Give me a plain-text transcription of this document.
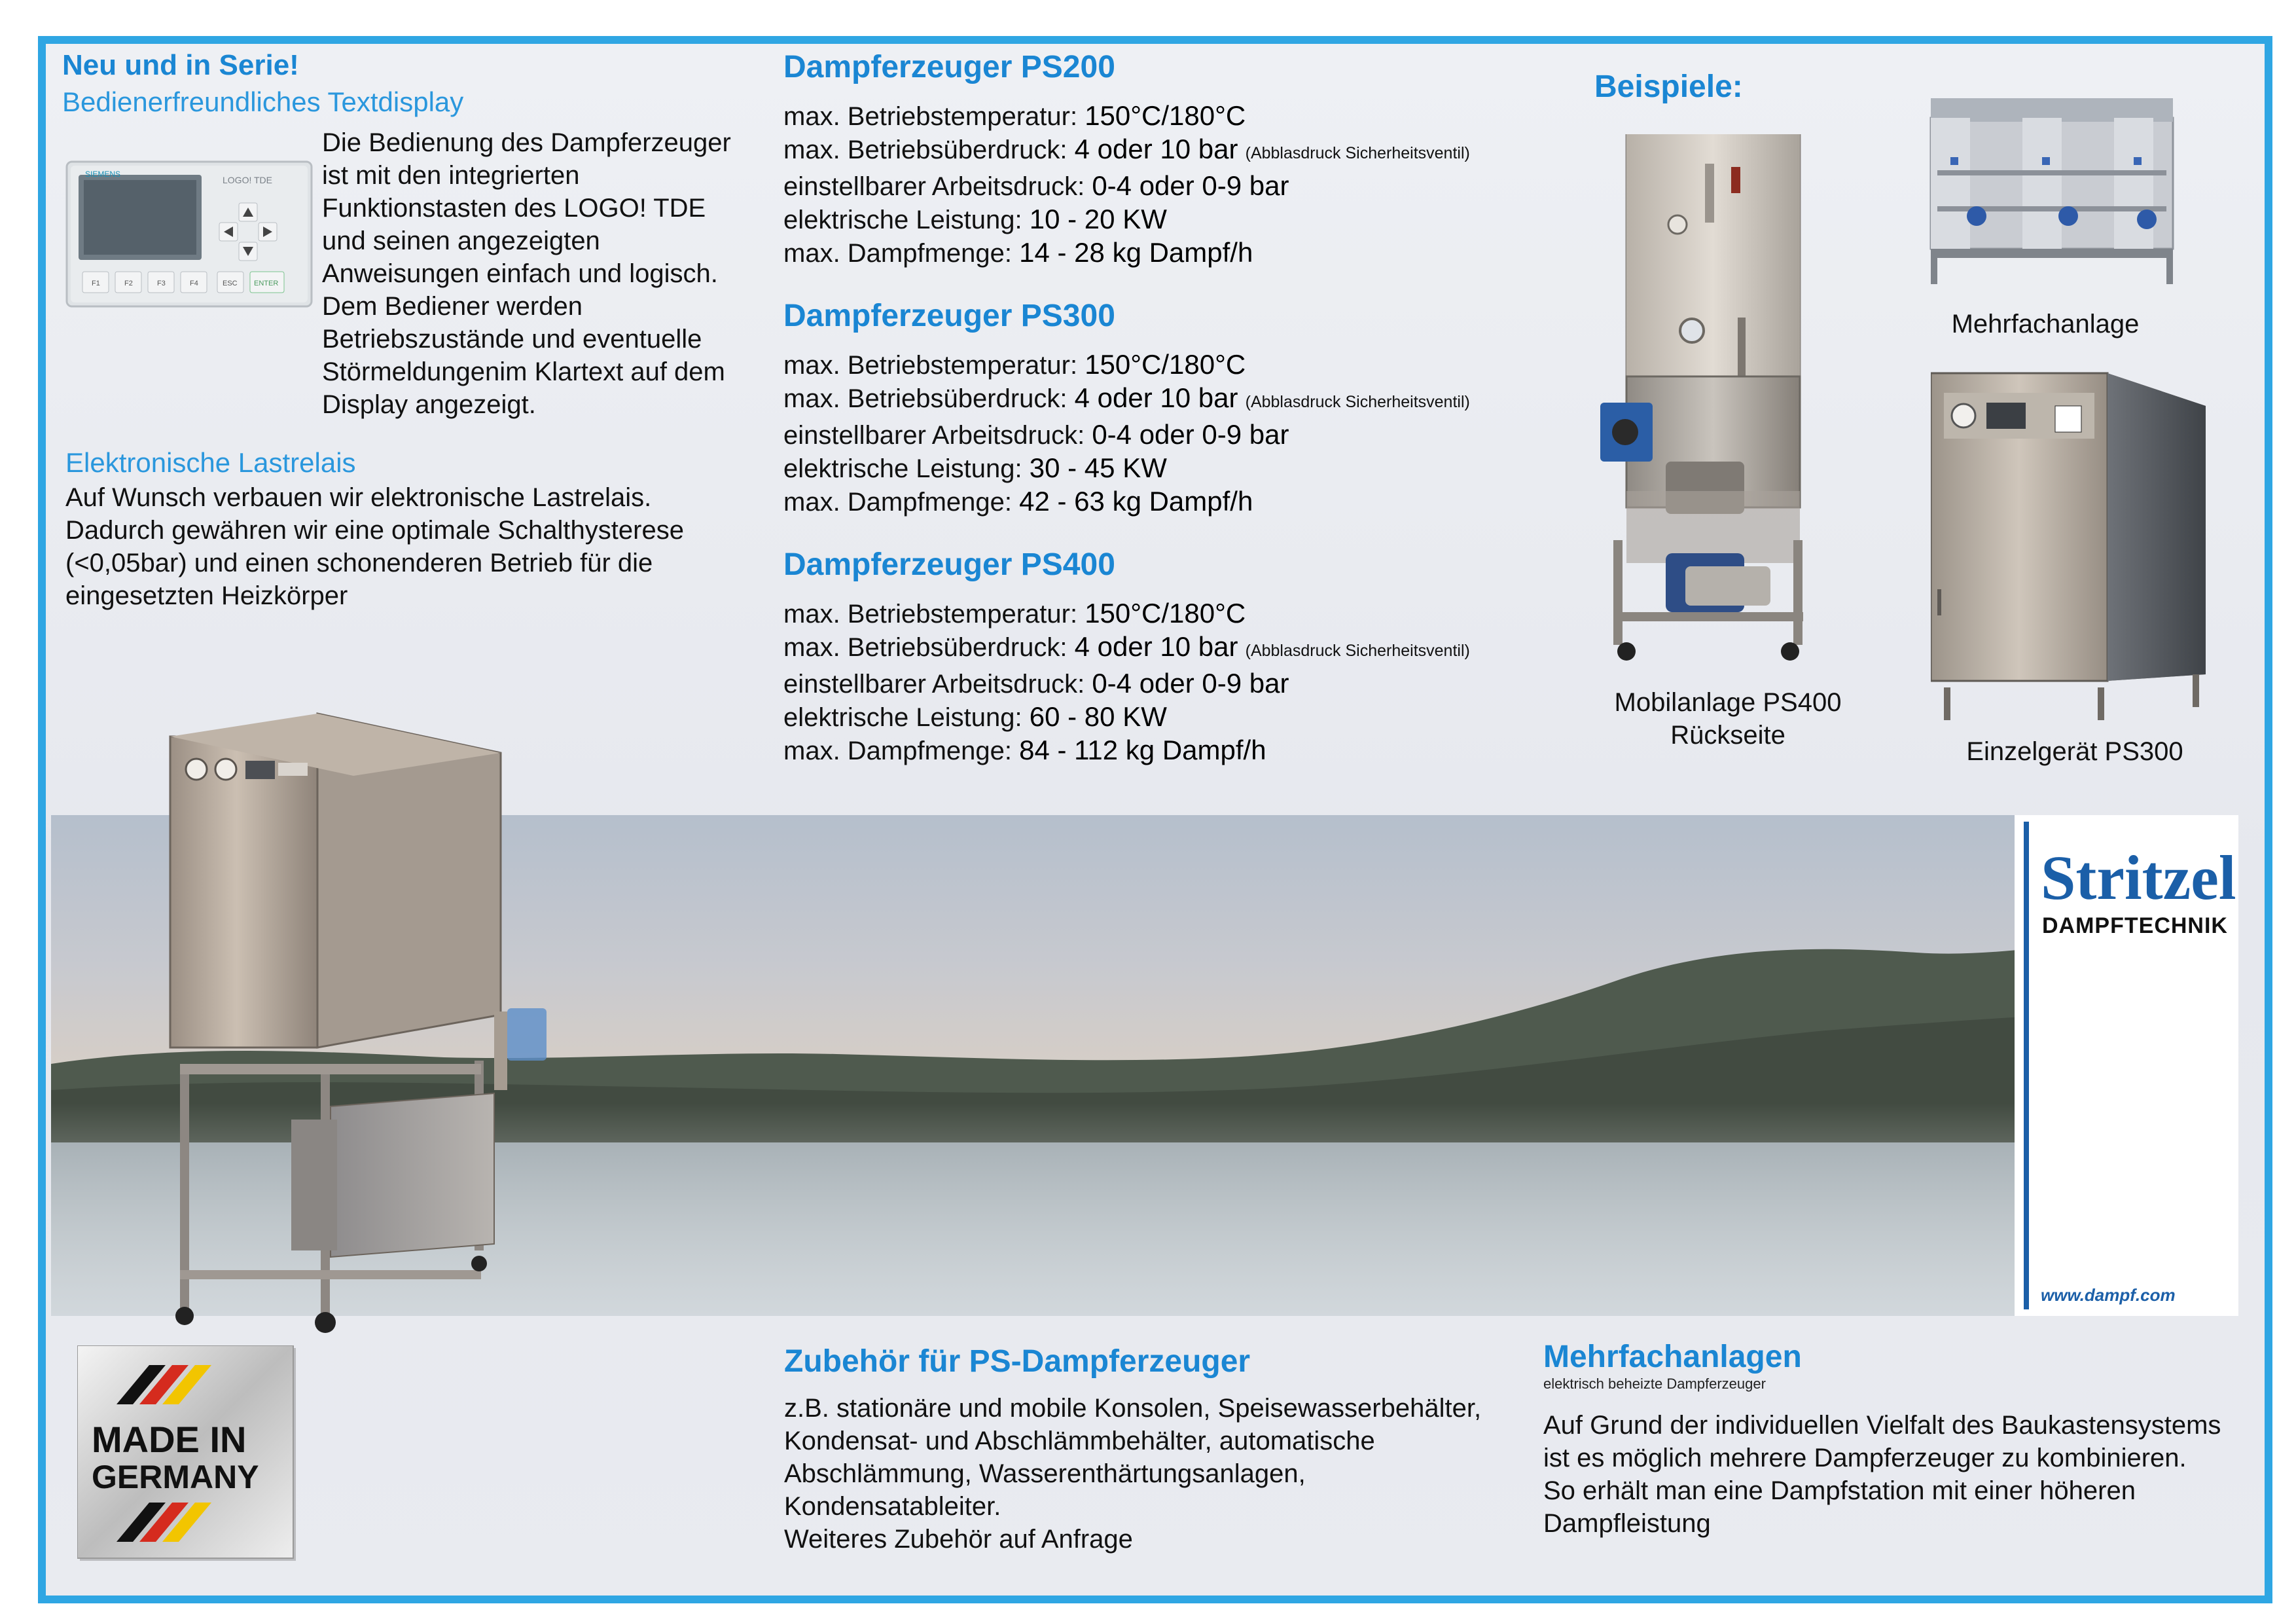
Neu und in Serie!
Bedienerfreundliches Textdisplay
SIEMENS
LOGO! TDE
F1	F2	F3	F4	ESC ENTER
Die Bedienung des Dampferzeuger
ist mit den integrierten
Funktionstasten des LOGO! TDE
und seinen angezeigten
Anweisungen einfach und logisch.
Dem Bediener werden
Betriebszustände und eventuelle
Störmeldungenim Klartext auf dem
Display angezeigt.
Elektronische Lastrelais
Auf Wunsch verbauen wir elektronische Lastrelais.
Dadurch gewähren wir eine optimale Schalthysterese
(<0,05bar) und einen schonenderen Betrieb für die
eingesetzten Heizkörper
Dampferzeuger PS200
max. Betriebstemperatur: 150°C/180°C
max. Betriebsüberdruck: 4 oder 10 bar (Abblasdruck Sicherheitsventil)
einstellbarer Arbeitsdruck: 0-4 oder 0-9 bar
elektrische Leistung: 10 - 20 KW
max. Dampfmenge: 14 - 28 kg Dampf/h
Dampferzeuger PS300
max. Betriebstemperatur: 150°C/180°C
max. Betriebsüberdruck: 4 oder 10 bar (Abblasdruck Sicherheitsventil)
einstellbarer Arbeitsdruck: 0-4 oder 0-9 bar
elektrische Leistung: 30 - 45 KW
max. Dampfmenge: 42 - 63 kg Dampf/h
Dampferzeuger PS400
max. Betriebstemperatur: 150°C/180°C
max. Betriebsüberdruck: 4 oder 10 bar (Abblasdruck Sicherheitsventil)
einstellbarer Arbeitsdruck: 0-4 oder 0-9 bar
elektrische Leistung: 60 - 80 KW
max. Dampfmenge: 84 - 112 kg Dampf/h
Beispiele:
Mobilanlage PS400
Rückseite
Mehrfachanlage
Einzelgerät PS300
Stritzel
DAMPFTECHNIK
www.dampf.com
MADE IN
GERMANY
Zubehör für PS-Dampferzeuger
z.B. stationäre und mobile Konsolen, Speisewasserbehälter,
Kondensat- und Abschlämmbehälter, automatische
Abschlämmung, Wasserenthärtungsanlagen,
Kondensatableiter.
Weiteres Zubehör auf Anfrage
Mehrfachanlagen
elektrisch beheizte Dampferzeuger
Auf Grund der individuellen Vielfalt des Baukastensystems
ist es möglich mehrere Dampferzeuger zu kombinieren.
So erhält man eine Dampfstation mit einer höheren
Dampfleistung
